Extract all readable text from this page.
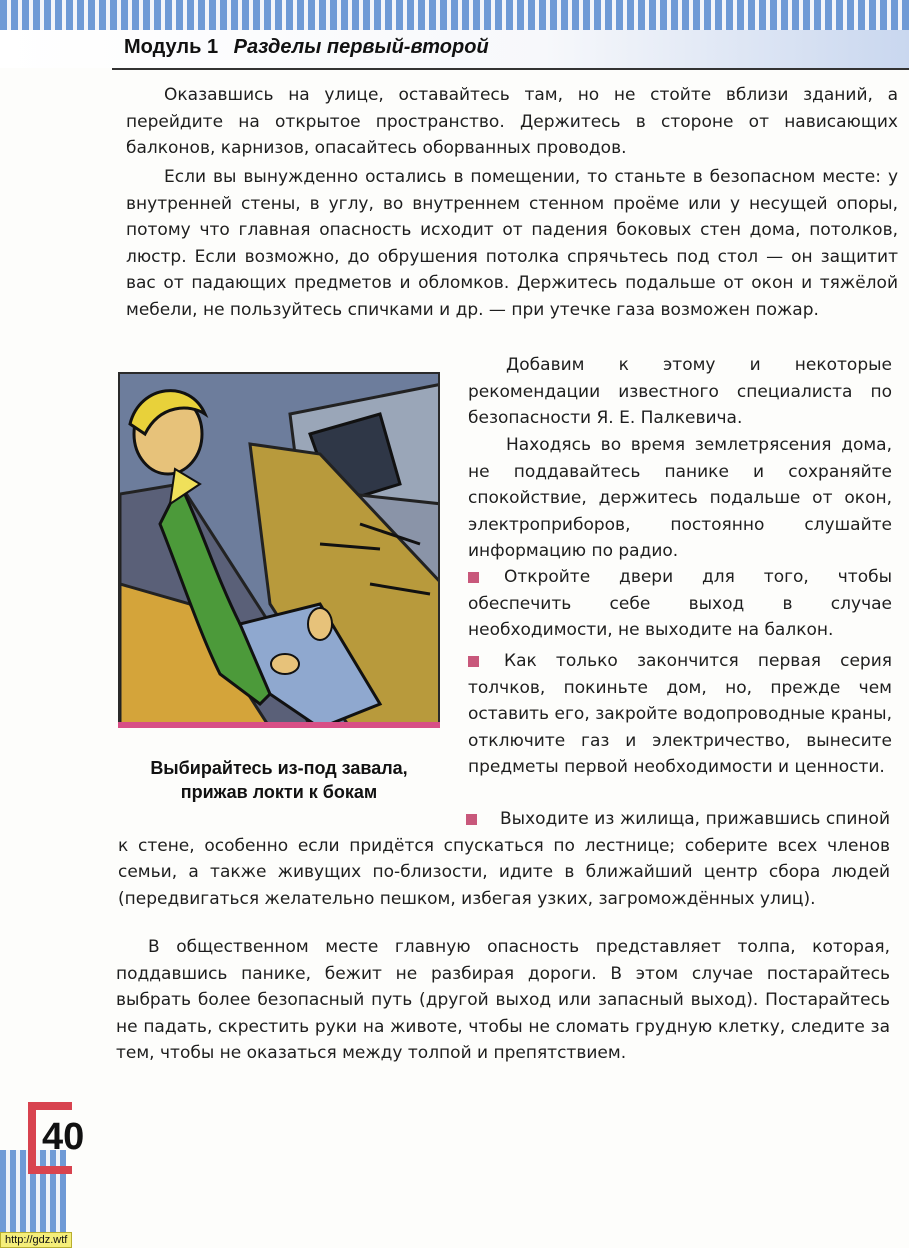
Модуль 1 Разделы первый-второй

Оказавшись на улице, оставайтесь там, но не стойте вблизи зданий, а перейдите на открытое пространство. Держитесь в стороне от нависающих балконов, карнизов, опасайтесь оборванных проводов.

Если вы вынужденно остались в помещении, то станьте в безопасном месте: у внутренней стены, в углу, во внутреннем стенном проёме или у несущей опоры, потому что главная опасность исходит от падения боковых стен дома, потолков, люстр. Если возможно, до обрушения потолка спрячьтесь под стол — он защитит вас от падающих предметов и обломков. Держитесь подальше от окон и тяжёлой мебели, не пользуйтесь спичками и др. — при утечке газа возможен пожар.

Выбирайтесь из-под завала, прижав локти к бокам

Добавим к этому и некоторые рекомендации известного специалиста по безопасности Я. Е. Палкевича.

Находясь во время землетрясения дома, не поддавайтесь панике и сохраняйте спокойствие, держитесь подальше от окон, электроприборов, постоянно слушайте информацию по радио.

Откройте двери для того, чтобы обеспечить себе выход в случае необходимости, не выходите на балкон.

Как только закончится первая серия толчков, покиньте дом, но, прежде чем оставить его, закройте водопроводные краны, отключите газ и электричество, вынесите предметы первой необходимости и ценности.

Выходите из жилища, прижавшись спиной к стене, особенно если придётся спускаться по лестнице; соберите всех членов семьи, а также живущих по-близости, идите в ближайший центр сбора людей (передвигаться желательно пешком, избегая узких, загромождённых улиц).

В общественном месте главную опасность представляет толпа, которая, поддавшись панике, бежит не разбирая дороги. В этом случае постарайтесь выбрать более безопасный путь (другой выход или запасный выход). Постарайтесь не падать, скрестить руки на животе, чтобы не сломать грудную клетку, следите за тем, чтобы не оказаться между толпой и препятствием.

40
http://gdz.wtf
